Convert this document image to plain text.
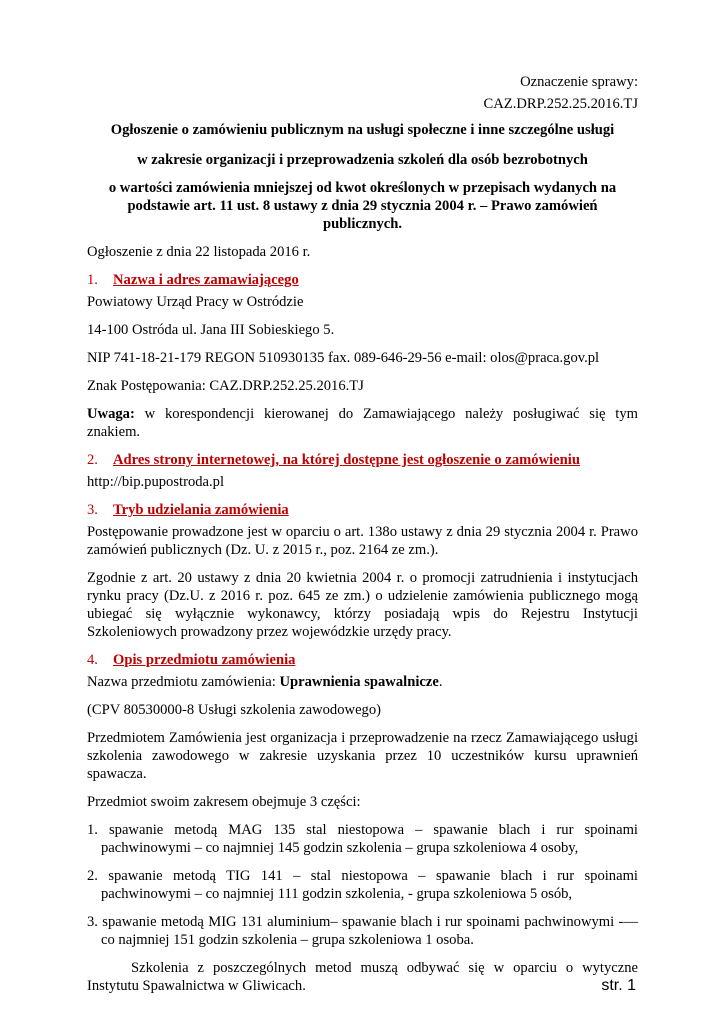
Oznaczenie sprawy:

CAZ.DRP.252.25.2016.TJ

Ogłoszenie o zamówieniu publicznym na usługi społeczne i inne szczególne usługi

w zakresie organizacji i przeprowadzenia szkoleń dla osób bezrobotnych

o wartości zamówienia mniejszej od kwot określonych w przepisach wydanych na podstawie art. 11 ust. 8 ustawy z dnia 29 stycznia 2004 r. – Prawo zamówień publicznych.

Ogłoszenie z dnia 22 listopada 2016 r.

1. Nazwa i adres zamawiającego

Powiatowy Urząd Pracy w Ostródzie

14-100 Ostróda ul. Jana III Sobieskiego 5.

NIP 741-18-21-179 REGON 510930135 fax. 089-646-29-56 e-mail: olos@praca.gov.pl

Znak Postępowania: CAZ.DRP.252.25.2016.TJ

Uwaga: w korespondencji kierowanej do Zamawiającego należy posługiwać się tym znakiem.

2. Adres strony internetowej, na której dostępne jest ogłoszenie o zamówieniu

http://bip.pupostroda.pl

3. Tryb udzielania zamówienia

Postępowanie prowadzone jest w oparciu o art. 138o ustawy z dnia 29 stycznia 2004 r. Prawo zamówień publicznych (Dz. U. z 2015 r., poz. 2164 ze zm.).

Zgodnie z art. 20 ustawy z dnia 20 kwietnia 2004 r. o promocji zatrudnienia i instytucjach rynku pracy (Dz.U. z 2016 r. poz. 645 ze zm.) o udzielenie zamówienia publicznego mogą ubiegać się wyłącznie wykonawcy, którzy posiadają wpis do Rejestru Instytucji Szkoleniowych prowadzony przez wojewódzkie urzędy pracy.

4. Opis przedmiotu zamówienia

Nazwa przedmiotu zamówienia: Uprawnienia spawalnicze.

(CPV 80530000-8 Usługi szkolenia zawodowego)

Przedmiotem Zamówienia jest organizacja i przeprowadzenie na rzecz Zamawiającego usługi szkolenia zawodowego w zakresie uzyskania przez 10 uczestników kursu uprawnień spawacza.

Przedmiot swoim zakresem obejmuje 3 części:

1. spawanie metodą MAG 135 stal niestopowa – spawanie blach i rur spoinami pachwinowymi – co najmniej 145 godzin szkolenia – grupa szkoleniowa 4 osoby,

2. spawanie metodą TIG 141 – stal niestopowa – spawanie blach i rur spoinami pachwinowymi – co najmniej 111 godzin szkolenia, - grupa szkoleniowa 5 osób,

3. spawanie metodą MIG 131 aluminium– spawanie blach i rur spoinami pachwinowymi -— co najmniej 151 godzin szkolenia – grupa szkoleniowa 1 osoba.

Szkolenia z poszczególnych metod muszą odbywać się w oparciu o wytyczne Instytutu Spawalnictwa w Gliwicach.	str. 1
